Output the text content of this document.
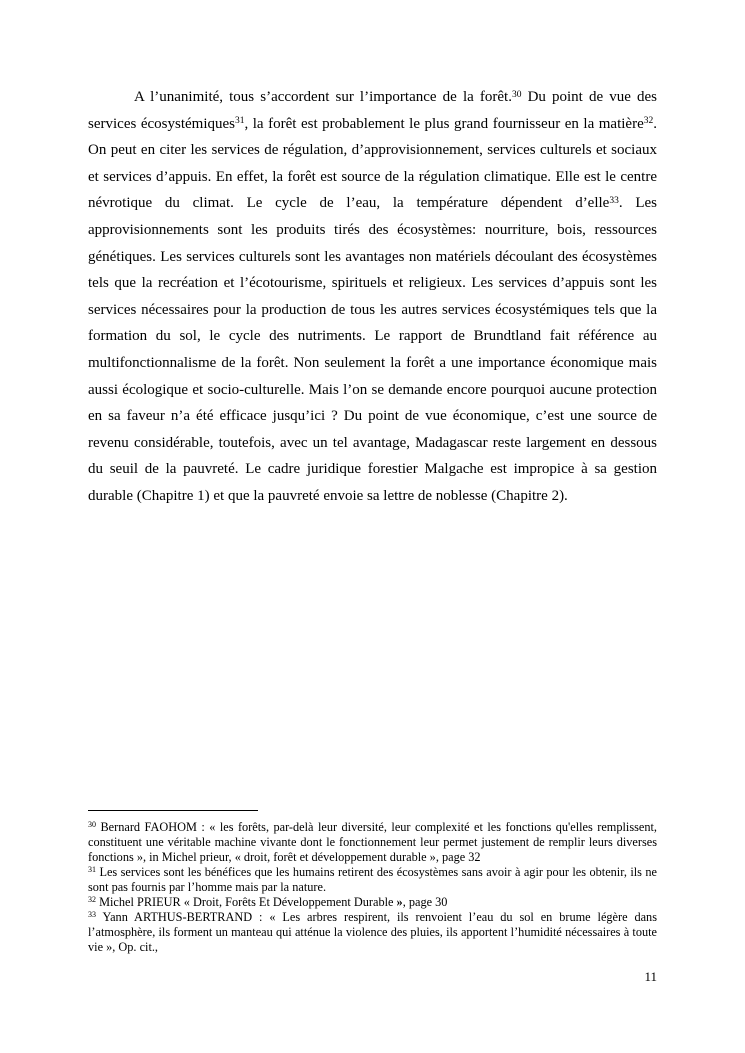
A l’unanimité, tous s’accordent sur l’importance de la forêt.$^{30}$ Du point de vue des services écosystémiques$^{31}$, la forêt est probablement le plus grand fournisseur en la matière$^{32}$. On peut en citer les services de régulation, d’approvisionnement, services culturels et sociaux et services d’appuis. En effet, la forêt est source de la régulation climatique. Elle est le centre névrotique du climat. Le cycle de l’eau, la température dépendent d’elle$^{33}$. Les approvisionnements sont les produits tirés des écosystèmes: nourriture, bois, ressources génétiques. Les services culturels sont les avantages non matériels découlant des écosystèmes tels que la recréation et l’écotourisme, spirituels et religieux. Les services d’appuis sont les services nécessaires pour la production de tous les autres services écosystémiques tels que la formation du sol, le cycle des nutriments. Le rapport de Brundtland fait référence au multifonctionnalisme de la forêt. Non seulement la forêt a une importance économique mais aussi écologique et socio-culturelle. Mais l’on se demande encore pourquoi aucune protection en sa faveur n’a été efficace jusqu’ici ? Du point de vue économique, c’est une source de revenu considérable, toutefois, avec un tel avantage, Madagascar reste largement en dessous du seuil de la pauvreté. Le cadre juridique forestier Malgache est impropice à sa gestion durable (Chapitre 1) et que la pauvreté envoie sa lettre de noblesse (Chapitre 2).

$^{30}$ Bernard FAOHOM : « les forêts, par-delà leur diversité, leur complexité et les fonctions qu'elles remplissent, constituent une véritable machine vivante dont le fonctionnement leur permet justement de remplir leurs diverses fonctions », in Michel prieur, « droit, forêt et développement durable », page 32

$^{31}$ Les services sont les bénéfices que les humains retirent des écosystèmes sans avoir à agir pour les obtenir, ils ne sont pas fournis par l’homme mais par la nature.

$^{32}$ Michel PRIEUR « Droit, Forêts Et Développement Durable », page 30

$^{33}$ Yann ARTHUS-BERTRAND : « Les arbres respirent, ils renvoient l’eau du sol en brume légère dans l’atmosphère, ils forment un manteau qui atténue la violence des pluies, ils apportent l’humidité nécessaires à toute vie », Op. cit.,

11
